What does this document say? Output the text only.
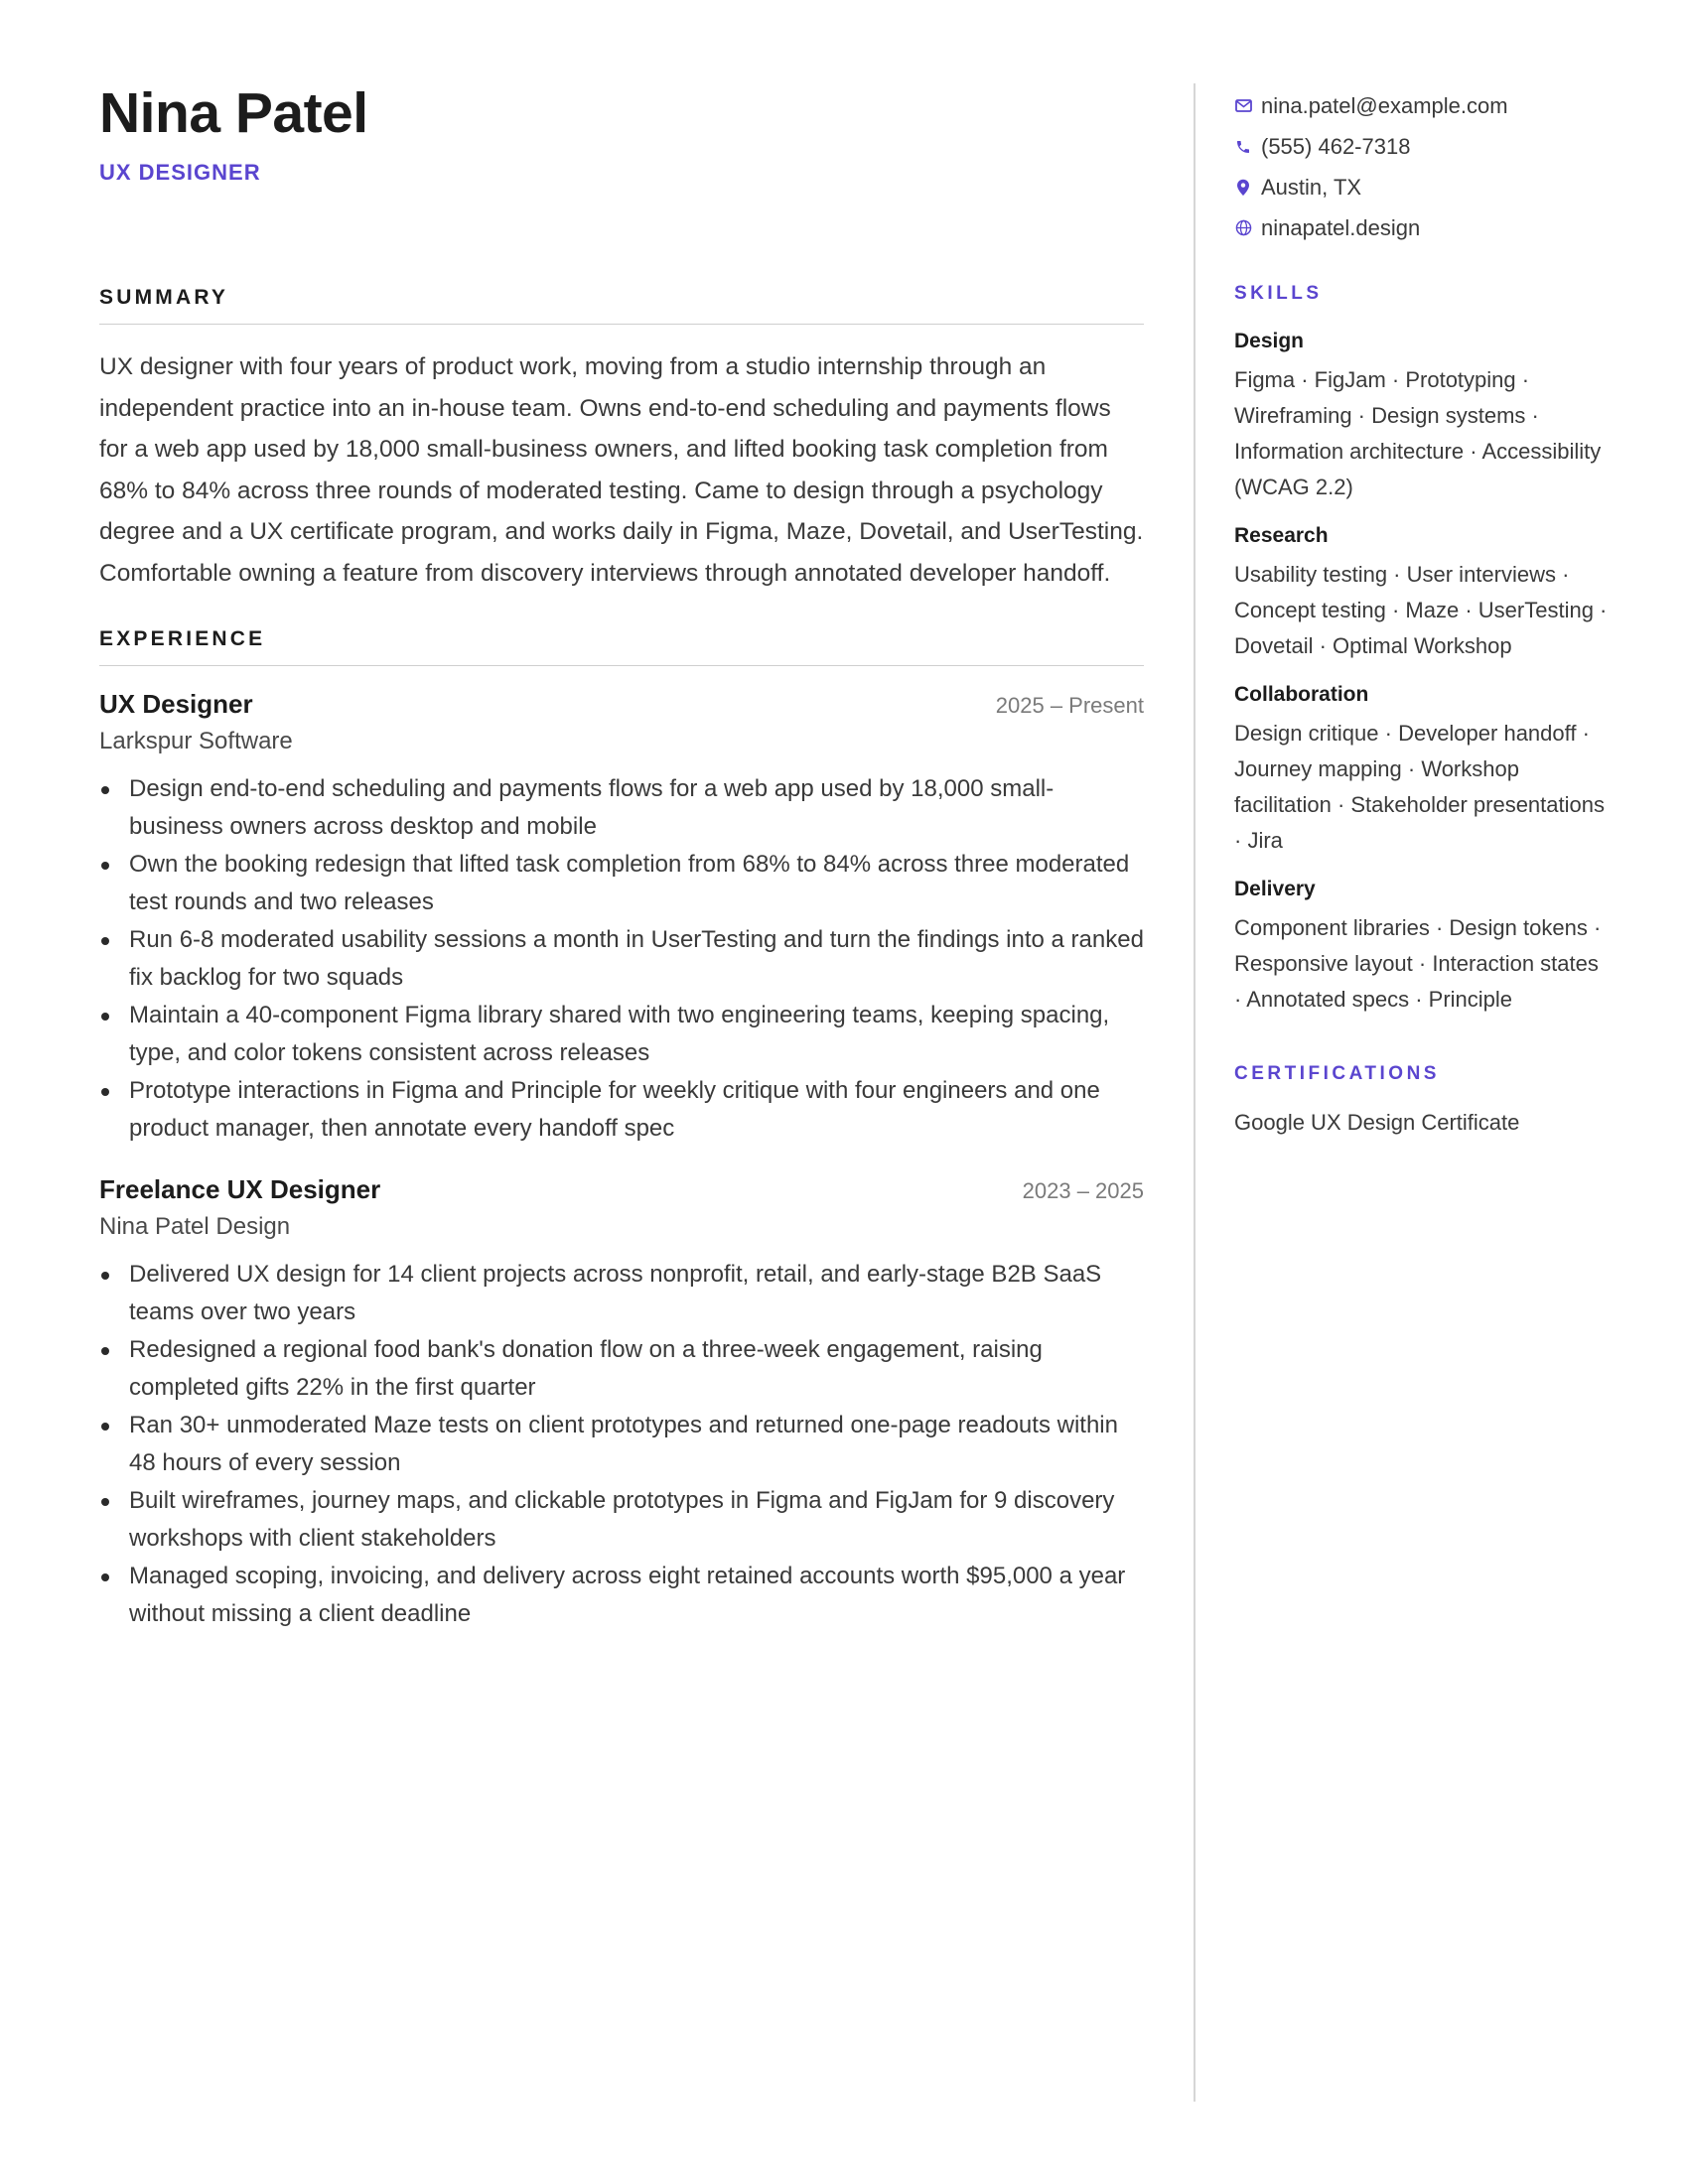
Nina Patel
UX DESIGNER
SUMMARY

UX designer with four years of product work, moving from a studio internship through an independent practice into an in-house team. Owns end-to-end scheduling and payments flows for a web app used by 18,000 small-business owners, and lifted booking task completion from 68% to 84% across three rounds of moderated testing. Came to design through a psychology degree and a UX certificate program, and works daily in Figma, Maze, Dovetail, and UserTesting. Comfortable owning a feature from discovery interviews through annotated developer handoff.

EXPERIENCE
UX Designer	2025 – Present
Larkspur Software
Design end-to-end scheduling and payments flows for a web app used by 18,000 small-business owners across desktop and mobile
Own the booking redesign that lifted task completion from 68% to 84% across three moderated test rounds and two releases
Run 6-8 moderated usability sessions a month in UserTesting and turn the findings into a ranked fix backlog for two squads
Maintain a 40-component Figma library shared with two engineering teams, keeping spacing, type, and color tokens consistent across releases
Prototype interactions in Figma and Principle for weekly critique with four engineers and one product manager, then annotate every handoff spec
Freelance UX Designer	2023 – 2025
Nina Patel Design
Delivered UX design for 14 client projects across nonprofit, retail, and early-stage B2B SaaS teams over two years
Redesigned a regional food bank's donation flow on a three-week engagement, raising completed gifts 22% in the first quarter
Ran 30+ unmoderated Maze tests on client prototypes and returned one-page readouts within 48 hours of every session
Built wireframes, journey maps, and clickable prototypes in Figma and FigJam for 9 discovery workshops with client stakeholders
Managed scoping, invoicing, and delivery across eight retained accounts worth $95,000 a year without missing a client deadline
nina.patel@example.com
(555) 462-7318
Austin, TX
ninapatel.design
SKILLS
Design
Figma · FigJam · Prototyping · Wireframing · Design systems · Information architecture · Accessibility (WCAG 2.2)
Research
Usability testing · User interviews · Concept testing · Maze · UserTesting · Dovetail · Optimal Workshop
Collaboration
Design critique · Developer handoff · Journey mapping · Workshop facilitation · Stakeholder presentations · Jira
Delivery
Component libraries · Design tokens · Responsive layout · Interaction states · Annotated specs · Principle
CERTIFICATIONS
Google UX Design Certificate
